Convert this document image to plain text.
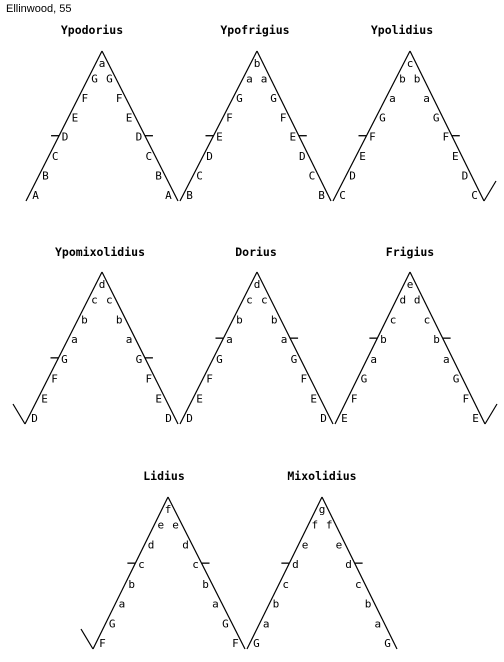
Ellinwood, 55
Ypodorius
A
B
C
D
E
F
G
a
G
F
E
D
C
B
A
Ypofrigius
B
C
D
E
F
G
a
b
a
G
F
E
D
C
B
Ypolidius
C
D
E
F
G
a
b
c
b
a
G
F
E
D
C
Ypomixolidius
D
E
F
G
a
b
c
d
c
b
a
G
F
E
D
Dorius
D
E
F
G
a
b
c
d
c
b
a
G
F
E
D
Frigius
E
F
G
a
b
c
d
e
d
c
b
a
G
F
E
Lidius
F
G
a
b
c
d
e
f
e
d
c
b
a
G
F
Mixolidius
G
a
b
c
d
e
f
g
f
e
d
c
b
a
G
